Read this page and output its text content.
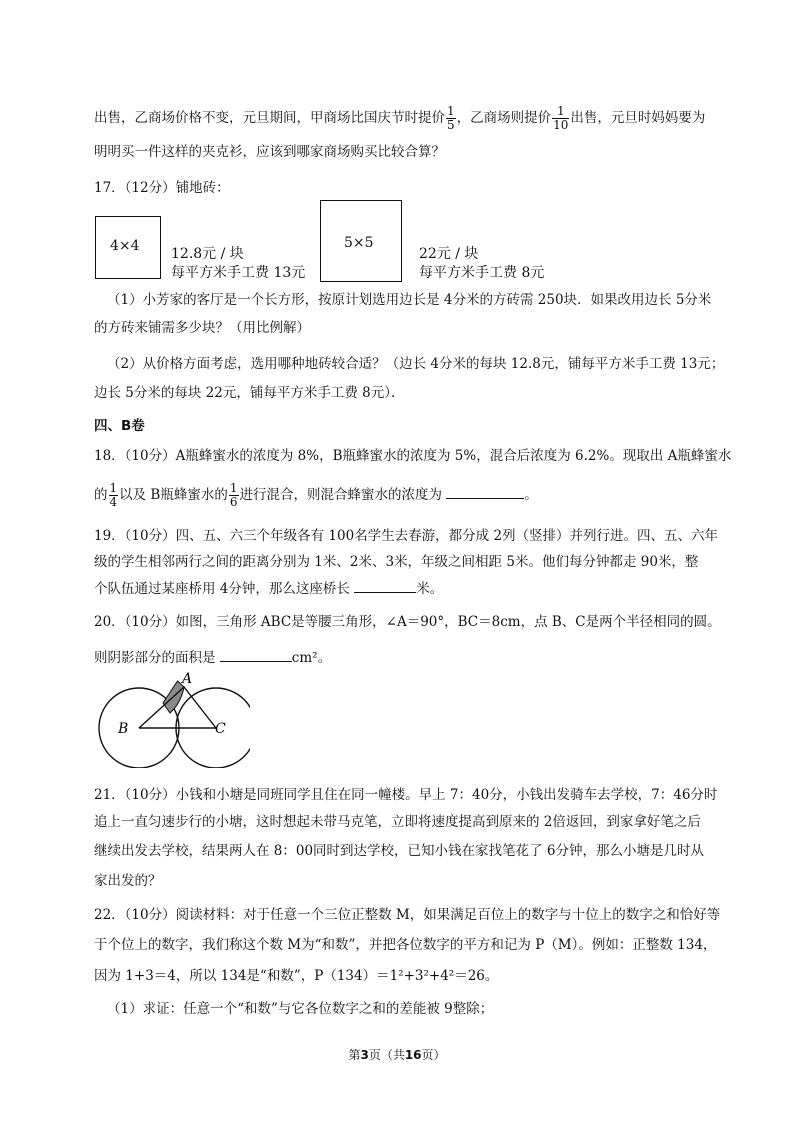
出售，乙商场价格不变，元旦期间，甲商场比国庆节时提价 $\frac{1}{5}$ ，乙商场则提价 $\frac{1}{10}$ 出售，元旦时妈妈要为
明明买一件这样的夹克衫，应该到哪家商场购买比较合算？
17．（12分）铺地砖：
4×4 12.8元 / 块
每平方米手工费 13元
5×5
22元 / 块
每平方米手工费 8元
（1）小芳家的客厅是一个长方形，按原计划选用边长是 4分米的方砖需 250块．如果改用边长 5分米
的方砖来铺需多少块？（用比例解）
（2）从价格方面考虑，选用哪种地砖较合适？（边长 4分米的每块 12.8元，铺每平方米手工费 13元；
边长 5分米的每块 22元，铺每平方米手工费 8元）．
四、B卷
18．（10分）A瓶蜂蜜水的浓度为 8%，B瓶蜂蜜水的浓度为 5%，混合后浓度为 6.2%。现取出 A瓶蜂蜜水
的 $\frac{1}{4}$ 以及 B瓶蜂蜜水的 $\frac{1}{6}$ 进行混合，则混合蜂蜜水的浓度为	。
19．（10分）四、五、六三个年级各有 100名学生去春游，都分成 2列（竖排）并列行进。四、五、六年
级的学生相邻两行之间的距离分别为 1米、2米、3米，年级之间相距 5米。他们每分钟都走 90米，整
个队伍通过某座桥用 4分钟，那么这座桥长	米。
20．（10分）如图，三角形 ABC是等腰三角形，∠A＝90°，BC＝8cm，点 B、C是两个半径相同的圆。
则阴影部分的面积是	cm²。
A
B	C
21．（10分）小钱和小塘是同班同学且住在同一幢楼。早上 7：40分，小钱出发骑车去学校，7：46分时
追上一直匀速步行的小塘，这时想起未带马克笔，立即将速度提高到原来的 2倍返回，到家拿好笔之后
继续出发去学校，结果两人在 8：00同时到达学校，已知小钱在家找笔花了 6分钟，那么小塘是几时从
家出发的？
22．（10分）阅读材料：对于任意一个三位正整数 M，如果满足百位上的数字与十位上的数字之和恰好等
于个位上的数字，我们称这个数 M为“和数”，并把各位数字的平方和记为 P（M）。例如：正整数 134，
因为 1+3＝4，所以 134是“和数”，P（134）＝1²+3²+4²＝26。
（1）求证：任意一个“和数”与它各位数字之和的差能被 9整除；
第3页（共16页）
